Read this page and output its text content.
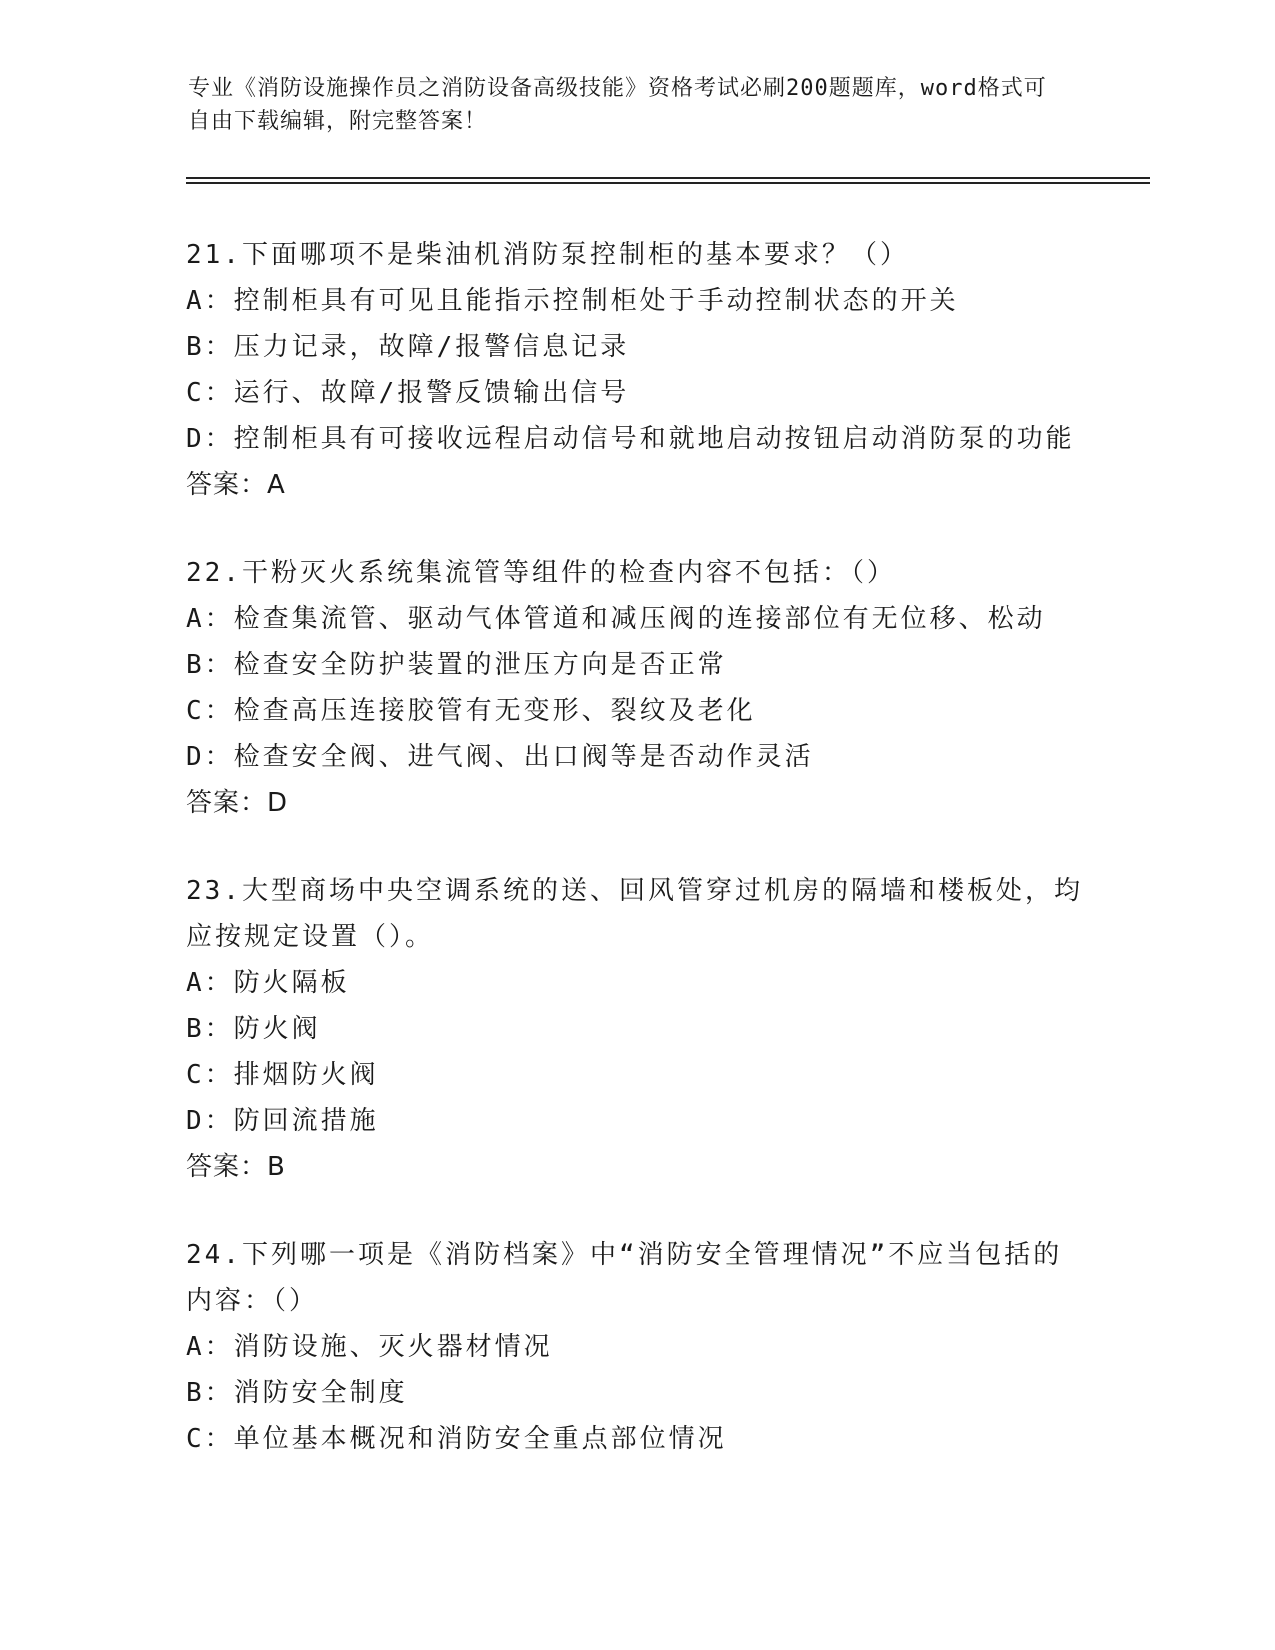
专业《消防设施操作员之消防设备高级技能》资格考试必刷200题题库，word格式可自由下载编辑，附完整答案！

21.下面哪项不是柴油机消防泵控制柜的基本要求？（）

A：控制柜具有可见且能指示控制柜处于手动控制状态的开关

B：压力记录，故障/报警信息记录

C：运行、故障/报警反馈输出信号

D：控制柜具有可接收远程启动信号和就地启动按钮启动消防泵的功能

答案：A

22.干粉灭火系统集流管等组件的检查内容不包括：（）

A：检查集流管、驱动气体管道和减压阀的连接部位有无位移、松动

B：检查安全防护装置的泄压方向是否正常

C：检查高压连接胶管有无变形、裂纹及老化

D：检查安全阀、进气阀、出口阀等是否动作灵活

答案：D

23.大型商场中央空调系统的送、回风管穿过机房的隔墙和楼板处，均应按规定设置（）。

A：防火隔板

B：防火阀

C：排烟防火阀

D：防回流措施

答案：B

24.下列哪一项是《消防档案》中“消防安全管理情况”不应当包括的内容：（）

A：消防设施、灭火器材情况

B：消防安全制度

C：单位基本概况和消防安全重点部位情况
